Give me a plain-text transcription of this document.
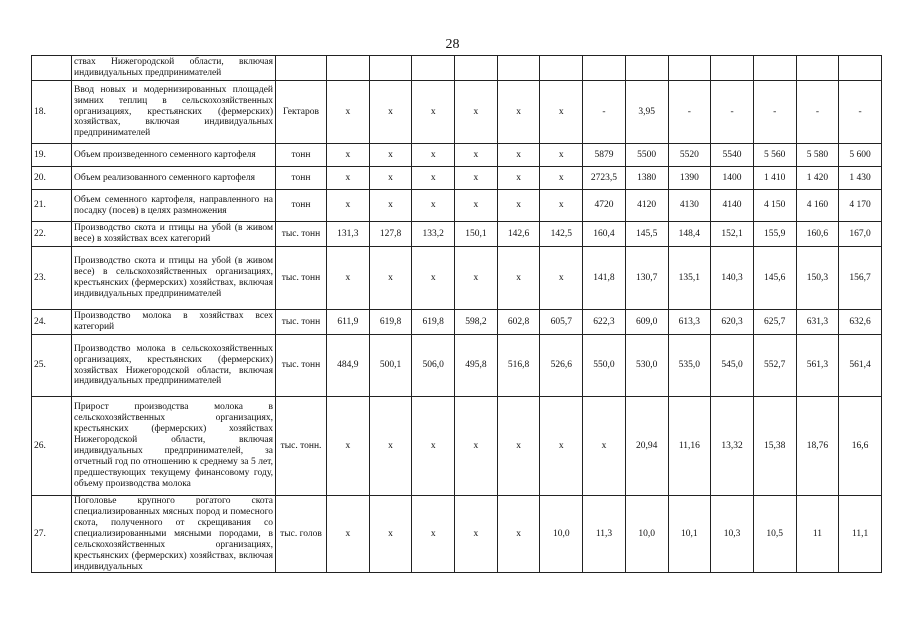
28
	ствах Нижегородской области, включая индивидуальных предпринимателей														
18.	Ввод новых и модернизированных площадей зимних теплиц в сельскохозяйственных организациях, крестьянских (фермерских) хозяйствах, включая индивидуальных предпринимателей	Гектаров	х	х	х	х	х	х	-	3,95	-	-	-	-	-
19.	Объем произведенного семенного картофеля	тонн	х	х	х	х	х	х	5879	5500	5520	5540	5 560	5 580	5 600
20.	Объем реализованного семенного картофеля	тонн	х	х	х	х	х	х	2723,5	1380	1390	1400	1 410	1 420	1 430
21.	Объем семенного картофеля, направленного на посадку (посев) в целях размножения	тонн	х	х	х	х	х	х	4720	4120	4130	4140	4 150	4 160	4 170
22.	Производство скота и птицы на убой (в живом весе) в хозяйствах всех категорий	тыс. тонн	131,3	127,8	133,2	150,1	142,6	142,5	160,4	145,5	148,4	152,1	155,9	160,6	167,0
23.	Производство скота и птицы на убой (в живом весе) в сельскохозяйственных организациях, крестьянских (фермерских) хозяйствах, включая индивидуальных предпринимателей	тыс. тонн	х	х	х	х	х	х	141,8	130,7	135,1	140,3	145,6	150,3	156,7
24.	Производство молока в хозяйствах всех категорий	тыс. тонн	611,9	619,8	619,8	598,2	602,8	605,7	622,3	609,0	613,3	620,3	625,7	631,3	632,6
25.	Производство молока в сельскохозяйственных организациях, крестьянских (фермерских) хозяйствах Нижегородской области, включая индивидуальных предпринимателей	тыс. тонн	484,9	500,1	506,0	495,8	516,8	526,6	550,0	530,0	535,0	545,0	552,7	561,3	561,4
26.	Прирост производства молока в сельскохозяйственных организациях, крестьянских (фермерских) хозяйствах Нижегородской области, включая индивидуальных предпринимателей, за отчетный год по отношению к среднему за 5 лет, предшествующих текущему финансовому году, объему производства молока	тыс. тонн.	х	х	х	х	х	х	х	20,94	11,16	13,32	15,38	18,76	16,6
27.	Поголовье крупного рогатого скота специализированных мясных пород и помесного скота, полученного от скрещивания со специализированными мясными породами, в сельскохозяйственных организациях, крестьянских (фермерских) хозяйствах, включая индивидуальных	тыс. голов	х	х	х	х	х	10,0	11,3	10,0	10,1	10,3	10,5	11	11,1
